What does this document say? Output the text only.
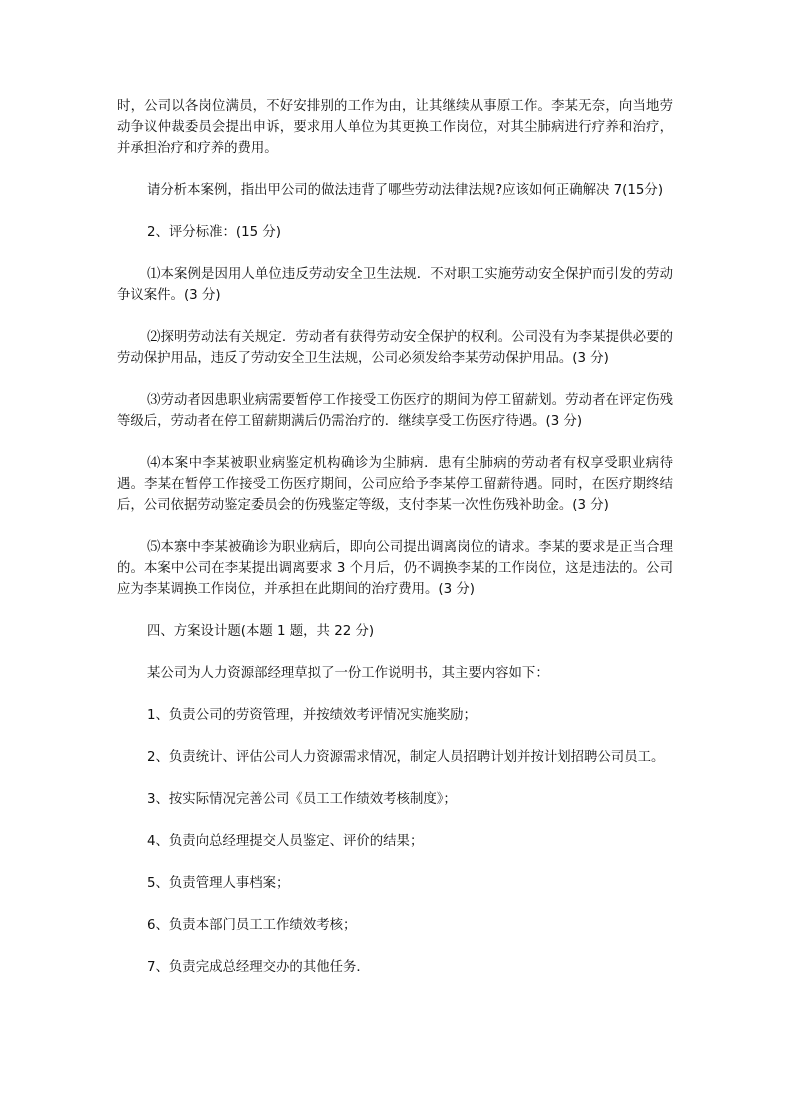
时，公司以各岗位满员，不好安排别的工作为由，让其继续从事原工作。李某无奈，向当地劳动争议仲裁委员会提出申诉，要求用人单位为其更换工作岗位，对其尘肺病进行疗养和治疗，并承担治疗和疗养的费用。

请分析本案例，指出甲公司的做法违背了哪些劳动法律法规?应该如何正确解决 7(15分)

2、评分标准：(15 分)

⑴本案例是因用人单位违反劳动安全卫生法规．不对职工实施劳动安全保护而引发的劳动争议案件。(3 分)

⑵探明劳动法有关规定．劳动者有获得劳动安全保护的权利。公司没有为李某提供必要的劳动保护用品，违反了劳动安全卫生法规，公司必须发给李某劳动保护用品。(3 分)

⑶劳动者因患职业病需要暂停工作接受工伤医疗的期间为停工留薪划。劳动者在评定伤残等级后，劳动者在停工留薪期满后仍需治疗的．继续享受工伤医疗待遇。(3 分)

⑷本案中李某被职业病鉴定机构确诊为尘肺病．患有尘肺病的劳动者有权享受职业病待遇。李某在暂停工作接受工伤医疗期间，公司应给予李某停工留薪待遇。同时，在医疗期终结后，公司依据劳动鉴定委员会的伤残鉴定等级，支付李某一次性伤残补助金。(3 分)

⑸本寨中李某被确诊为职业病后，即向公司提出调离岗位的请求。李某的要求是正当合理的。本案中公司在李某提出调离要求 3 个月后，仍不调换李某的工作岗位，这是违法的。公司应为李某调换工作岗位，并承担在此期间的治疗费用。(3 分)

四、方案设计题(本题 1 题，共 22 分)

某公司为人力资源部经理草拟了一份工作说明书，其主要内容如下：

1、负责公司的劳资管理，并按绩效考评情况实施奖励；

2、负责统计、评估公司人力资源需求情况，制定人员招聘计划并按计划招聘公司员工。

3、按实际情况完善公司《员工工作绩效考核制度》；

4、负责向总经理提交人员鉴定、评价的结果；

5、负责管理人事档案；

6、负责本部门员工工作绩效考核；

7、负责完成总经理交办的其他任务．
